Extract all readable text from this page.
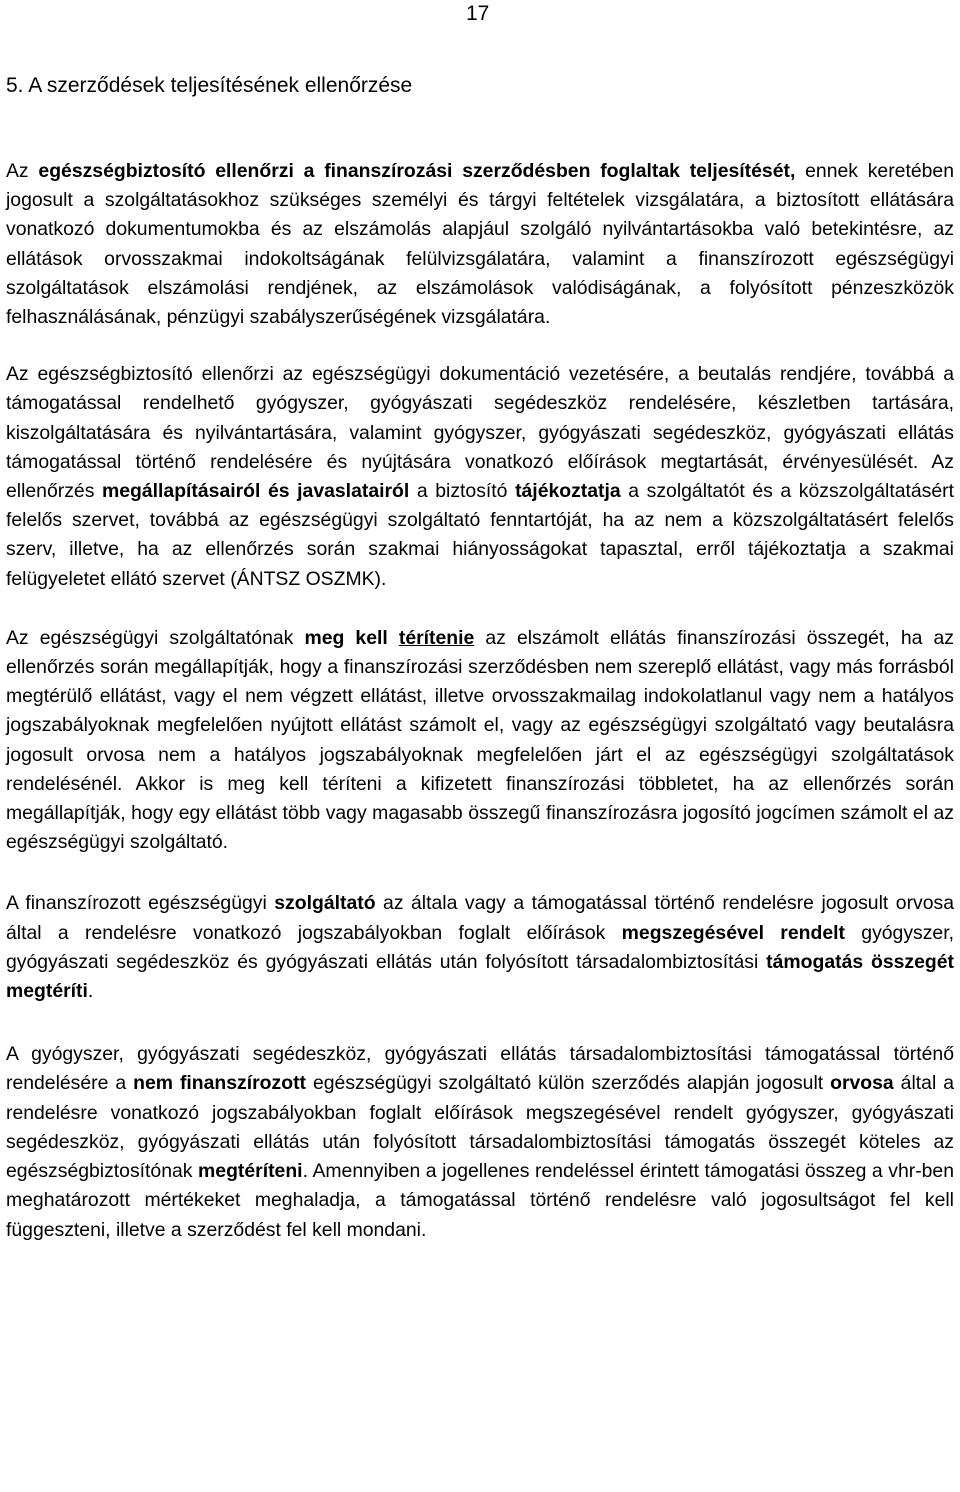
17
5. A szerződések teljesítésének ellenőrzése

Az egészségbiztosító ellenőrzi a finanszírozási szerződésben foglaltak teljesítését, ennek keretében jogosult a szolgáltatásokhoz szükséges személyi és tárgyi feltételek vizsgálatára, a biztosított ellátására vonatkozó dokumentumokba és az elszámolás alapjául szolgáló nyilvántartásokba való betekintésre, az ellátások orvosszakmai indokoltságának felülvizsgálatára, valamint a finanszírozott egészségügyi szolgáltatások elszámolási rendjének, az elszámolások valódiságának, a folyósított pénzeszközök felhasználásának, pénzügyi szabályszerűségének vizsgálatára.

Az egészségbiztosító ellenőrzi az egészségügyi dokumentáció vezetésére, a beutalás rendjére, továbbá a támogatással rendelhető gyógyszer, gyógyászati segédeszköz rendelésére, készletben tartására, kiszolgáltatására és nyilvántartására, valamint gyógyszer, gyógyászati segédeszköz, gyógyászati ellátás támogatással történő rendelésére és nyújtására vonatkozó előírások megtartását, érvényesülését. Az ellenőrzés megállapításairól és javaslatairól a biztosító tájékoztatja a szolgáltatót és a közszolgáltatásért felelős szervet, továbbá az egészségügyi szolgáltató fenntartóját, ha az nem a közszolgáltatásért felelős szerv, illetve, ha az ellenőrzés során szakmai hiányosságokat tapasztal, erről tájékoztatja a szakmai felügyeletet ellátó szervet (ÁNTSZ OSZMK).

Az egészségügyi szolgáltatónak meg kell térítenie az elszámolt ellátás finanszírozási összegét, ha az ellenőrzés során megállapítják, hogy a finanszírozási szerződésben nem szereplő ellátást, vagy más forrásból megtérülő ellátást, vagy el nem végzett ellátást, illetve orvosszakmailag indokolatlanul vagy nem a hatályos jogszabályoknak megfelelően nyújtott ellátást számolt el, vagy az egészségügyi szolgáltató vagy beutalásra jogosult orvosa nem a hatályos jogszabályoknak megfelelően járt el az egészségügyi szolgáltatások rendelésénél. Akkor is meg kell téríteni a kifizetett finanszírozási többletet, ha az ellenőrzés során megállapítják, hogy egy ellátást több vagy magasabb összegű finanszírozásra jogosító jogcímen számolt el az egészségügyi szolgáltató.

A finanszírozott egészségügyi szolgáltató az általa vagy a támogatással történő rendelésre jogosult orvosa által a rendelésre vonatkozó jogszabályokban foglalt előírások megszegésével rendelt gyógyszer, gyógyászati segédeszköz és gyógyászati ellátás után folyósított társadalombiztosítási támogatás összegét megtéríti.

A gyógyszer, gyógyászati segédeszköz, gyógyászati ellátás társadalombiztosítási támogatással történő rendelésére a nem finanszírozott egészségügyi szolgáltató külön szerződés alapján jogosult orvosa által a rendelésre vonatkozó jogszabályokban foglalt előírások megszegésével rendelt gyógyszer, gyógyászati segédeszköz, gyógyászati ellátás után folyósított társadalombiztosítási támogatás összegét köteles az egészségbiztosítónak megtéríteni. Amennyiben a jogellenes rendeléssel érintett támogatási összeg a vhr-ben meghatározott mértékeket meghaladja, a támogatással történő rendelésre való jogosultságot fel kell függeszteni, illetve a szerződést fel kell mondani.
